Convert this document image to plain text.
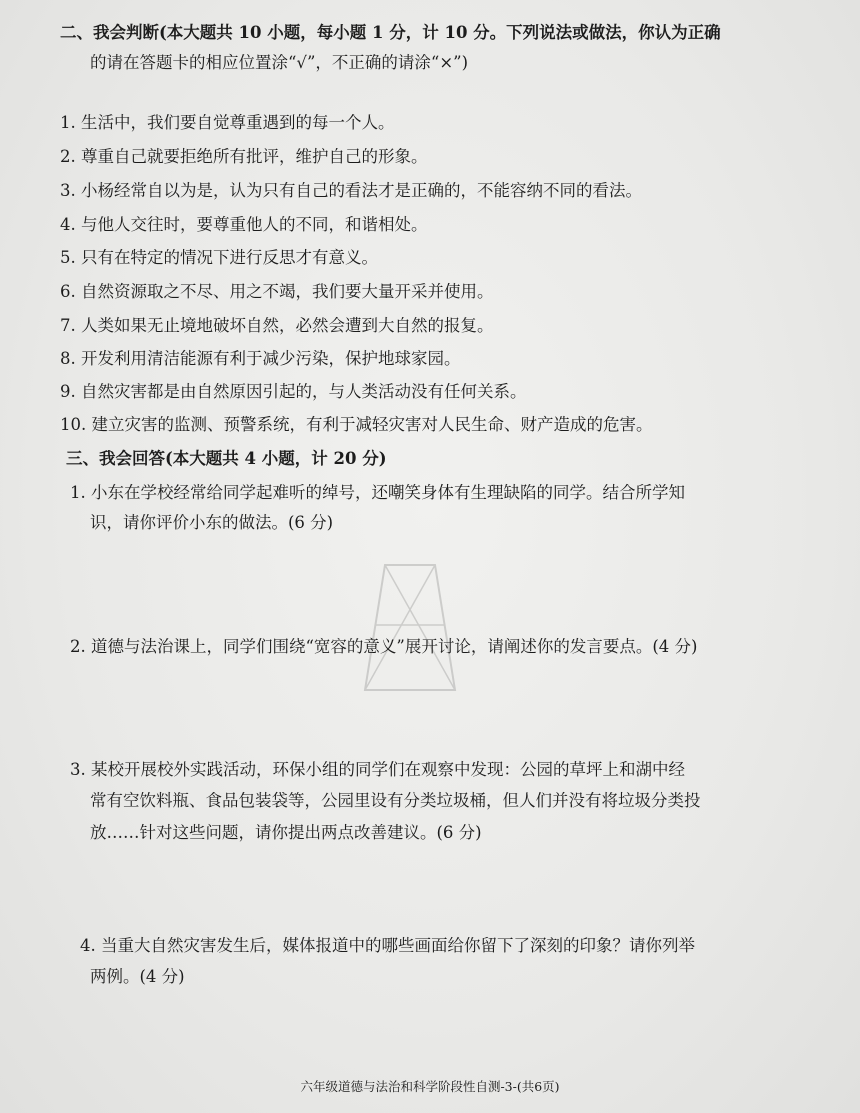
二、我会判断(本大题共 10 小题，每小题 1 分，计 10 分。下列说法或做法，你认为正确
的请在答题卡的相应位置涂“√”，不正确的请涂“×”)
1. 生活中，我们要自觉尊重遇到的每一个人。
2. 尊重自己就要拒绝所有批评，维护自己的形象。
3. 小杨经常自以为是，认为只有自己的看法才是正确的，不能容纳不同的看法。
4. 与他人交往时，要尊重他人的不同，和谐相处。
5. 只有在特定的情况下进行反思才有意义。
6. 自然资源取之不尽、用之不竭，我们要大量开采并使用。
7. 人类如果无止境地破坏自然，必然会遭到大自然的报复。
8. 开发利用清洁能源有利于减少污染，保护地球家园。
9. 自然灾害都是由自然原因引起的，与人类活动没有任何关系。
10. 建立灾害的监测、预警系统，有利于减轻灾害对人民生命、财产造成的危害。
三、我会回答(本大题共 4 小题，计 20 分)
1. 小东在学校经常给同学起难听的绰号，还嘲笑身体有生理缺陷的同学。结合所学知
识，请你评价小东的做法。(6 分)
2. 道德与法治课上，同学们围绕“宽容的意义”展开讨论，请阐述你的发言要点。(4 分)
3. 某校开展校外实践活动，环保小组的同学们在观察中发现：公园的草坪上和湖中经
常有空饮料瓶、食品包装袋等，公园里设有分类垃圾桶，但人们并没有将垃圾分类投
放……针对这些问题，请你提出两点改善建议。(6 分)
4. 当重大自然灾害发生后，媒体报道中的哪些画面给你留下了深刻的印象？请你列举
两例。(4 分)
六年级道德与法治和科学阶段性自测-3-(共6页)
